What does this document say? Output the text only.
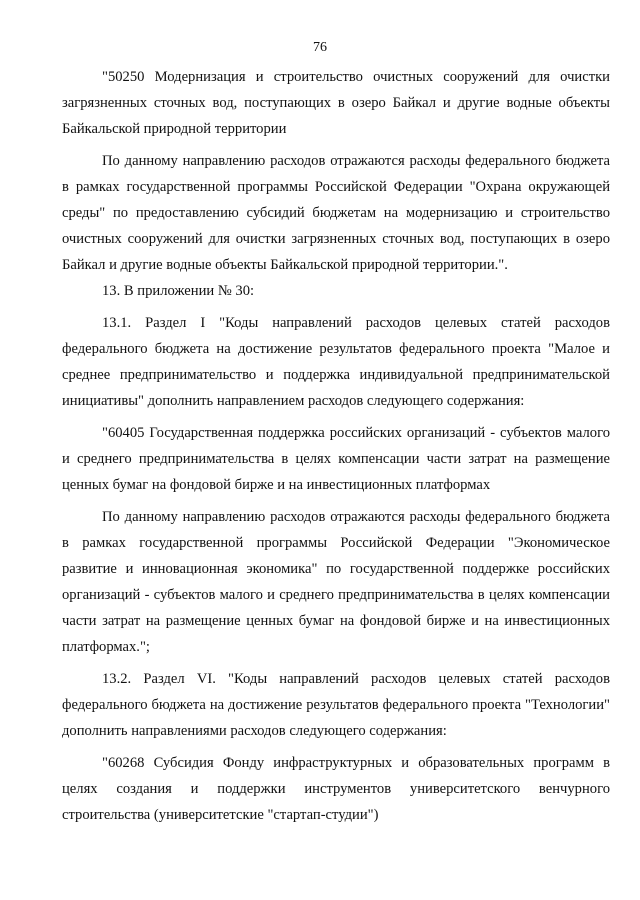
76

"50250 Модернизация и строительство очистных сооружений для очистки загрязненных сточных вод, поступающих в озеро Байкал и другие водные объекты Байкальской природной территории

По данному направлению расходов отражаются расходы федерального бюджета в рамках государственной программы Российской Федерации "Охрана окружающей среды" по предоставлению субсидий бюджетам на модернизацию и строительство очистных сооружений для очистки загрязненных сточных вод, поступающих в озеро Байкал и другие водные объекты Байкальской природной территории.".

13. В приложении № 30:

13.1. Раздел I "Коды направлений расходов целевых статей расходов федерального бюджета на достижение результатов федерального проекта "Малое и среднее предпринимательство и поддержка индивидуальной предпринимательской инициативы" дополнить направлением расходов следующего содержания:

"60405 Государственная поддержка российских организаций - субъектов малого и среднего предпринимательства в целях компенсации части затрат на размещение ценных бумаг на фондовой бирже и на инвестиционных платформах

По данному направлению расходов отражаются расходы федерального бюджета в рамках государственной программы Российской Федерации "Экономическое развитие и инновационная экономика" по государственной поддержке российских организаций - субъектов малого и среднего предпринимательства в целях компенсации части затрат на размещение ценных бумаг на фондовой бирже и на инвестиционных платформах.";

13.2. Раздел VI. "Коды направлений расходов целевых статей расходов федерального бюджета на достижение результатов федерального проекта "Технологии" дополнить направлениями расходов следующего содержания:

"60268 Субсидия Фонду инфраструктурных и образовательных программ в целях создания и поддержки инструментов университетского венчурного строительства (университетские "стартап-студии")
